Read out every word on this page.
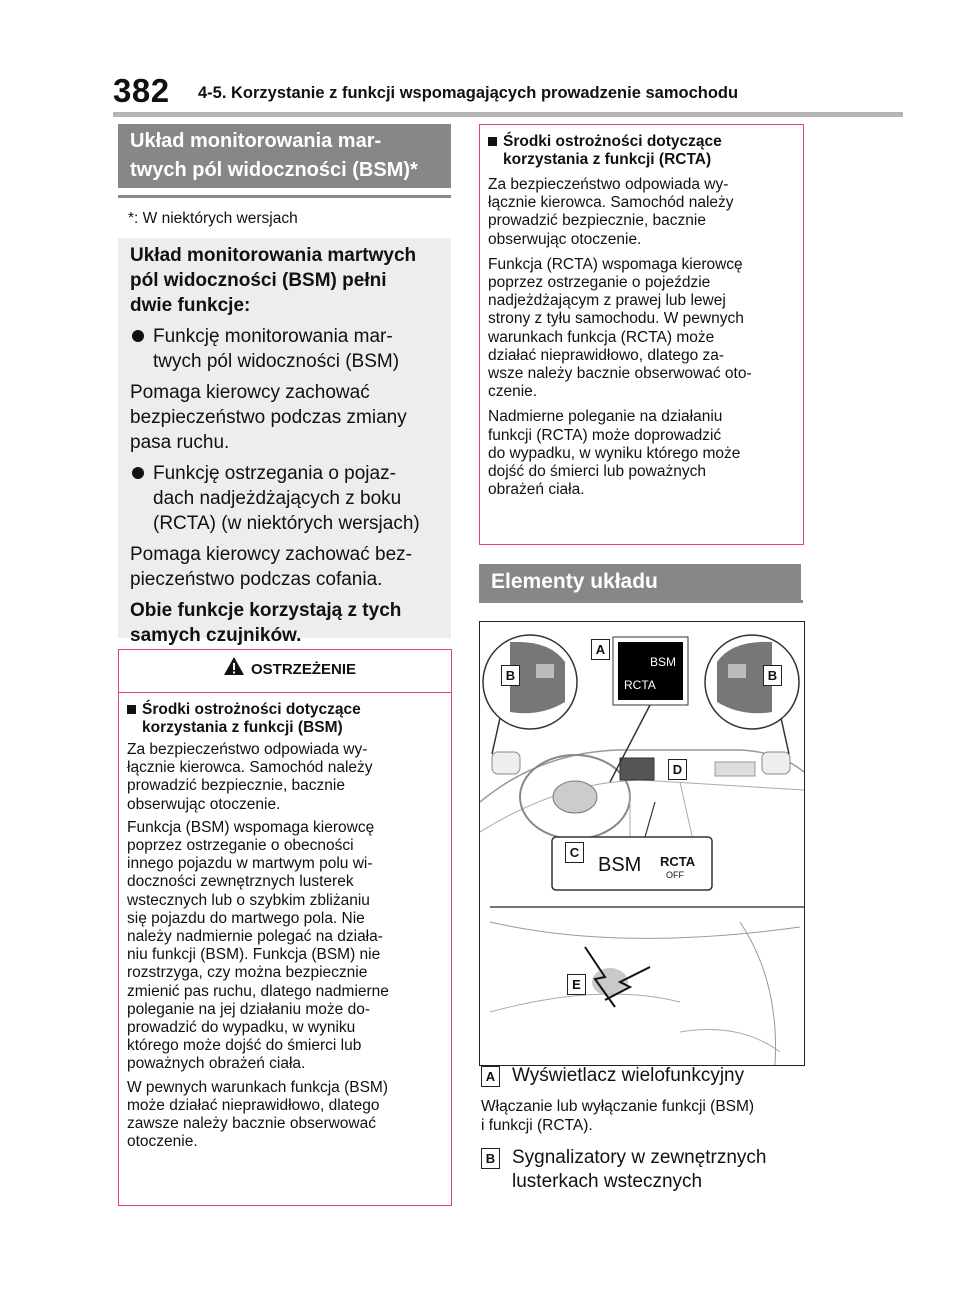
382 4-5. Korzystanie z funkcji wspomagających prowadzenie samochodu
Układ monitorowania mar-
twych pól widoczności (BSM)*
*: W niektórych wersjach

Układ monitorowania martwych
pól widoczności (BSM) pełni
dwie funkcje:

Funkcję monitorowania mar-
twych pól widoczności (BSM)

Pomaga kierowcy zachować
bezpieczeństwo podczas zmiany
pasa ruchu.

Funkcję ostrzegania o pojaz-
dach nadjeżdżających z boku
(RCTA) (w niektórych wersjach)

Pomaga kierowcy zachować bez-
pieczeństwo podczas cofania.

Obie funkcje korzystają z tych
samych czujników.

OSTRZEŻENIE
Środki ostrożności dotyczące
korzystania z funkcji (BSM)

Za bezpieczeństwo odpowiada wy-
łącznie kierowca. Samochód należy
prowadzić bezpiecznie, bacznie
obserwując otoczenie.

Funkcja (BSM) wspomaga kierowcę
poprzez ostrzeganie o obecności
innego pojazdu w martwym polu wi-
doczności zewnętrznych lusterek
wstecznych lub o szybkim zbliżaniu
się pojazdu do martwego pola. Nie
należy nadmiernie polegać na działa-
niu funkcji (BSM). Funkcja (BSM) nie
rozstrzyga, czy można bezpiecznie
zmienić pas ruchu, dlatego nadmierne
poleganie na jej działaniu może do-
prowadzić do wypadku, w wyniku
którego może dojść do śmierci lub
poważnych obrażeń ciała.

W pewnych warunkach funkcja (BSM)
może działać nieprawidłowo, dlatego
zawsze należy bacznie obserwować
otoczenie.

Środki ostrożności dotyczące
korzystania z funkcji (RCTA)

Za bezpieczeństwo odpowiada wy-
łącznie kierowca. Samochód należy
prowadzić bezpiecznie, bacznie
obserwując otoczenie.

Funkcja (RCTA) wspomaga kierowcę
poprzez ostrzeganie o pojeździe
nadjeżdżającym z prawej lub lewej
strony z tyłu samochodu. W pewnych
warunkach funkcja (RCTA) może
działać nieprawidłowo, dlatego za-
wsze należy bacznie obserwować oto-
czenie.

Nadmierne poleganie na działaniu
funkcji (RCTA) może doprowadzić
do wypadku, w wyniku którego może
dojść do śmierci lub poważnych
obrażeń ciała.

Elementy układu
BSM
RCTA
BSM RCTA
OFF
A
B	B
C
D
E
A Wyświetlacz wielofunkcyjny
Włączanie lub wyłączanie funkcji (BSM)
i funkcji (RCTA).
B Sygnalizatory w zewnętrznych
lusterkach wstecznych
